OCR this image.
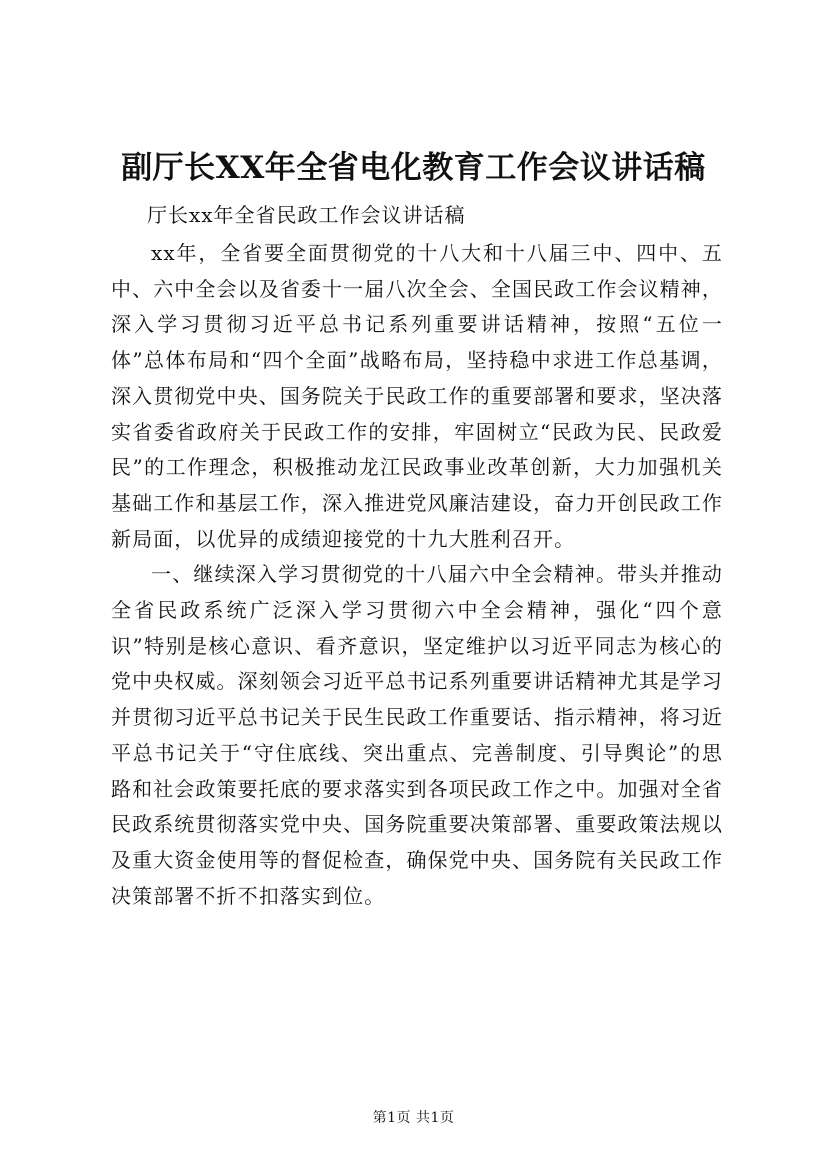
副厅长XX年全省电化教育工作会议讲话稿
厅长xx年全省民政工作会议讲话稿

xx年，全省要全面贯彻党的十八大和十八届三中、四中、五中、六中全会以及省委十一届八次全会、全国民政工作会议精神，深入学习贯彻习近平总书记系列重要讲话精神，按照“五位一体”总体布局和“四个全面”战略布局，坚持稳中求进工作总基调，深入贯彻党中央、国务院关于民政工作的重要部署和要求，坚决落实省委省政府关于民政工作的安排，牢固树立“民政为民、民政爱民”的工作理念，积极推动龙江民政事业改革创新，大力加强机关基础工作和基层工作，深入推进党风廉洁建设，奋力开创民政工作新局面，以优异的成绩迎接党的十九大胜利召开。

一、继续深入学习贯彻党的十八届六中全会精神。带头并推动全省民政系统广泛深入学习贯彻六中全会精神，强化“四个意识”特别是核心意识、看齐意识，坚定维护以习近平同志为核心的党中央权威。深刻领会习近平总书记系列重要讲话精神尤其是学习并贯彻习近平总书记关于民生民政工作重要话、指示精神，将习近平总书记关于“守住底线、突出重点、完善制度、引导舆论”的思路和社会政策要托底的要求落实到各项民政工作之中。加强对全省民政系统贯彻落实党中央、国务院重要决策部署、重要政策法规以及重大资金使用等的督促检查，确保党中央、国务院有关民政工作决策部署不折不扣落实到位。

第1页 共1页
